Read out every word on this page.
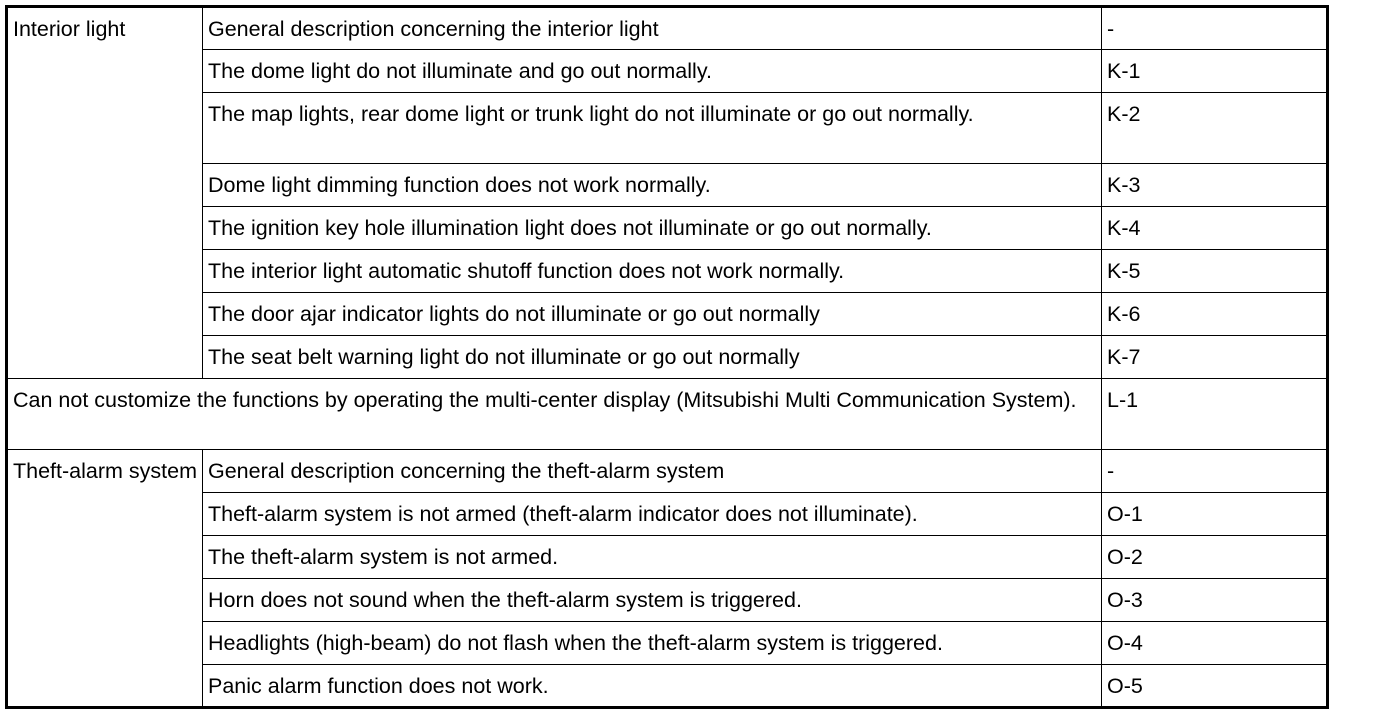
Interior light	General description concerning the interior light	-
	The dome light do not illuminate and go out normally.	K-1
	The map lights, rear dome light or trunk light do not illuminate or go out normally.	K-2
	Dome light dimming function does not work normally.	K-3
	The ignition key hole illumination light does not illuminate or go out normally.	K-4
	The interior light automatic shutoff function does not work normally.	K-5
	The door ajar indicator lights do not illuminate or go out normally	K-6
	The seat belt warning light do not illuminate or go out normally	K-7
Can not customize the functions by operating the multi-center display (Mitsubishi Multi Communication System).		L-1
Theft-alarm system	General description concerning the theft-alarm system	-
	Theft-alarm system is not armed (theft-alarm indicator does not illuminate).	O-1
	The theft-alarm system is not armed.	O-2
	Horn does not sound when the theft-alarm system is triggered.	O-3
	Headlights (high-beam) do not flash when the theft-alarm system is triggered.	O-4
	Panic alarm function does not work.	O-5
